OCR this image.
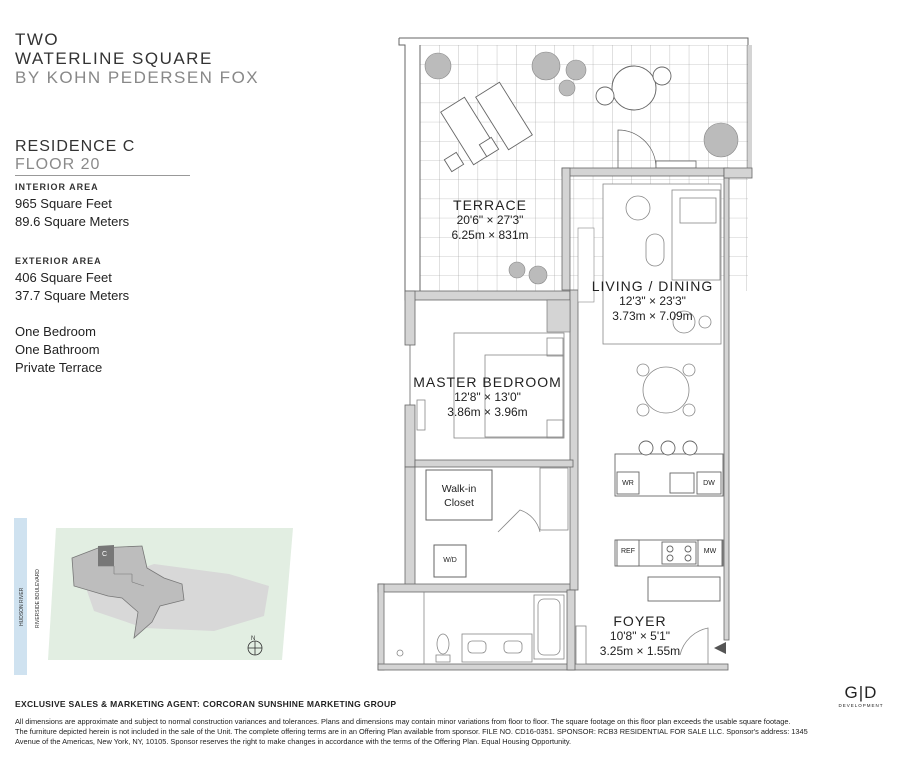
TWO
WATERLINE SQUARE
BY KOHN PEDERSEN FOX
RESIDENCE C
FLOOR 20
INTERIOR AREA
965 Square Feet
89.6 Square Meters
EXTERIOR AREA
406 Square Feet
37.7 Square Meters
One Bedroom
One Bathroom
Private Terrace
HUDSON RIVER RIVERSIDE BOULEVARD
C
N
TERRACE
20'6" × 27'3"
6.25m × 831m
LIVING / DINING
12'3" × 23'3"
3.73m × 7.09m
MASTER BEDROOM
12'8" × 13'0"
3.86m × 3.96m
FOYER
10'8" × 5'1"
3.25m × 1.55m
Walk-in
Closet
W/D
WR	DW
REF	MW
EXCLUSIVE SALES & MARKETING AGENT: CORCORAN SUNSHINE MARKETING GROUP
G|D
DEVELOPMENT
All dimensions are approximate and subject to normal construction variances and tolerances. Plans and dimensions may contain minor variations from floor to floor. The square footage on this floor plan exceeds the usable square footage.
The furniture depicted herein is not included in the sale of the Unit. The complete offering terms are in an Offering Plan available from sponsor. FILE NO. CD16-0351. SPONSOR: RCB3 RESIDENTIAL FOR SALE LLC. Sponsor's address: 1345
Avenue of the Americas, New York, NY, 10105. Sponsor reserves the right to make changes in accordance with the terms of the Offering Plan. Equal Housing Opportunity.
